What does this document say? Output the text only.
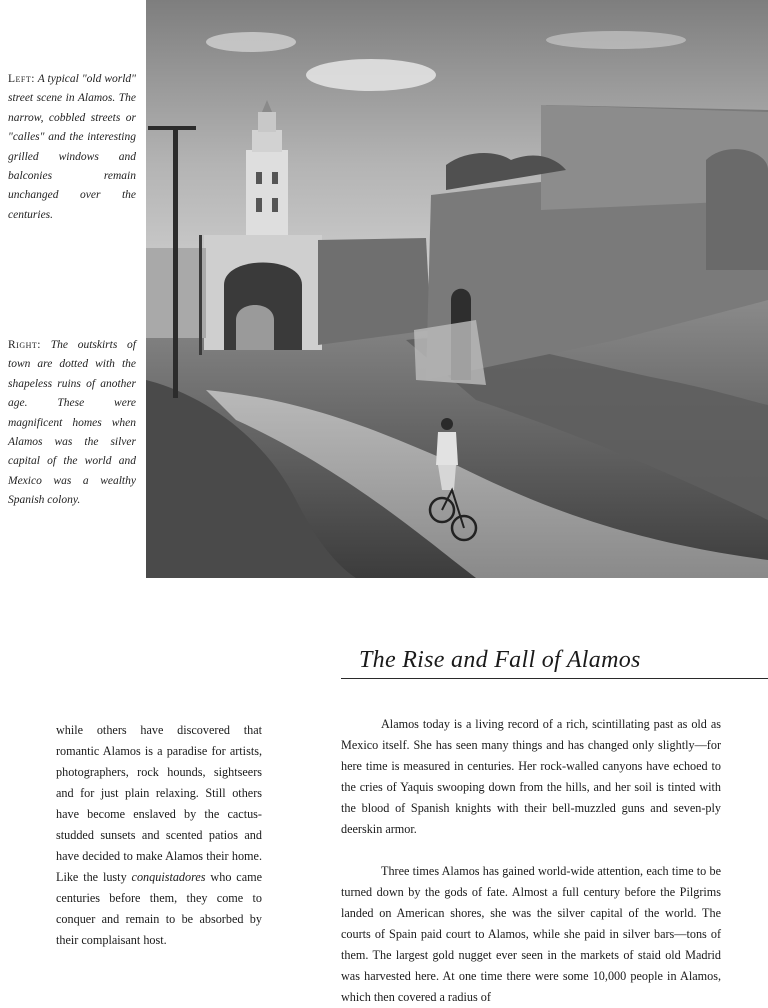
Left: A typical "old world" street scene in Alamos. The narrow, cobbled streets or "calles" and the interesting grilled windows and balconies remain unchanged over the centuries.
Right: The outskirts of town are dotted with the shapeless ruins of another age. These were magnificent homes when Alamos was the silver capital of the world and Mexico was a wealthy Spanish colony.
The Rise and Fall of Alamos

while others have discovered that romantic Alamos is a paradise for artists, photographers, rock hounds, sightseers and for just plain relaxing. Still others have become enslaved by the cactus-studded sunsets and scented patios and have decided to make Alamos their home. Like the lusty conquistadores who came centuries before them, they come to conquer and remain to be absorbed by their complaisant host.

Alamos today is a living record of a rich, scintillating past as old as Mexico itself. She has seen many things and has changed only slightly—for here time is measured in centuries. Her rock-walled canyons have echoed to the cries of Yaquis swooping down from the hills, and her soil is tinted with the blood of Spanish knights with their bell-muzzled guns and seven-ply deerskin armor.

Three times Alamos has gained world-wide attention, each time to be turned down by the gods of fate. Almost a full century before the Pilgrims landed on American shores, she was the silver capital of the world. The courts of Spain paid court to Alamos, while she paid in silver bars—tons of them. The largest gold nugget ever seen in the markets of staid old Madrid was harvested here. At one time there were some 10,000 people in Alamos, which then covered a radius of
